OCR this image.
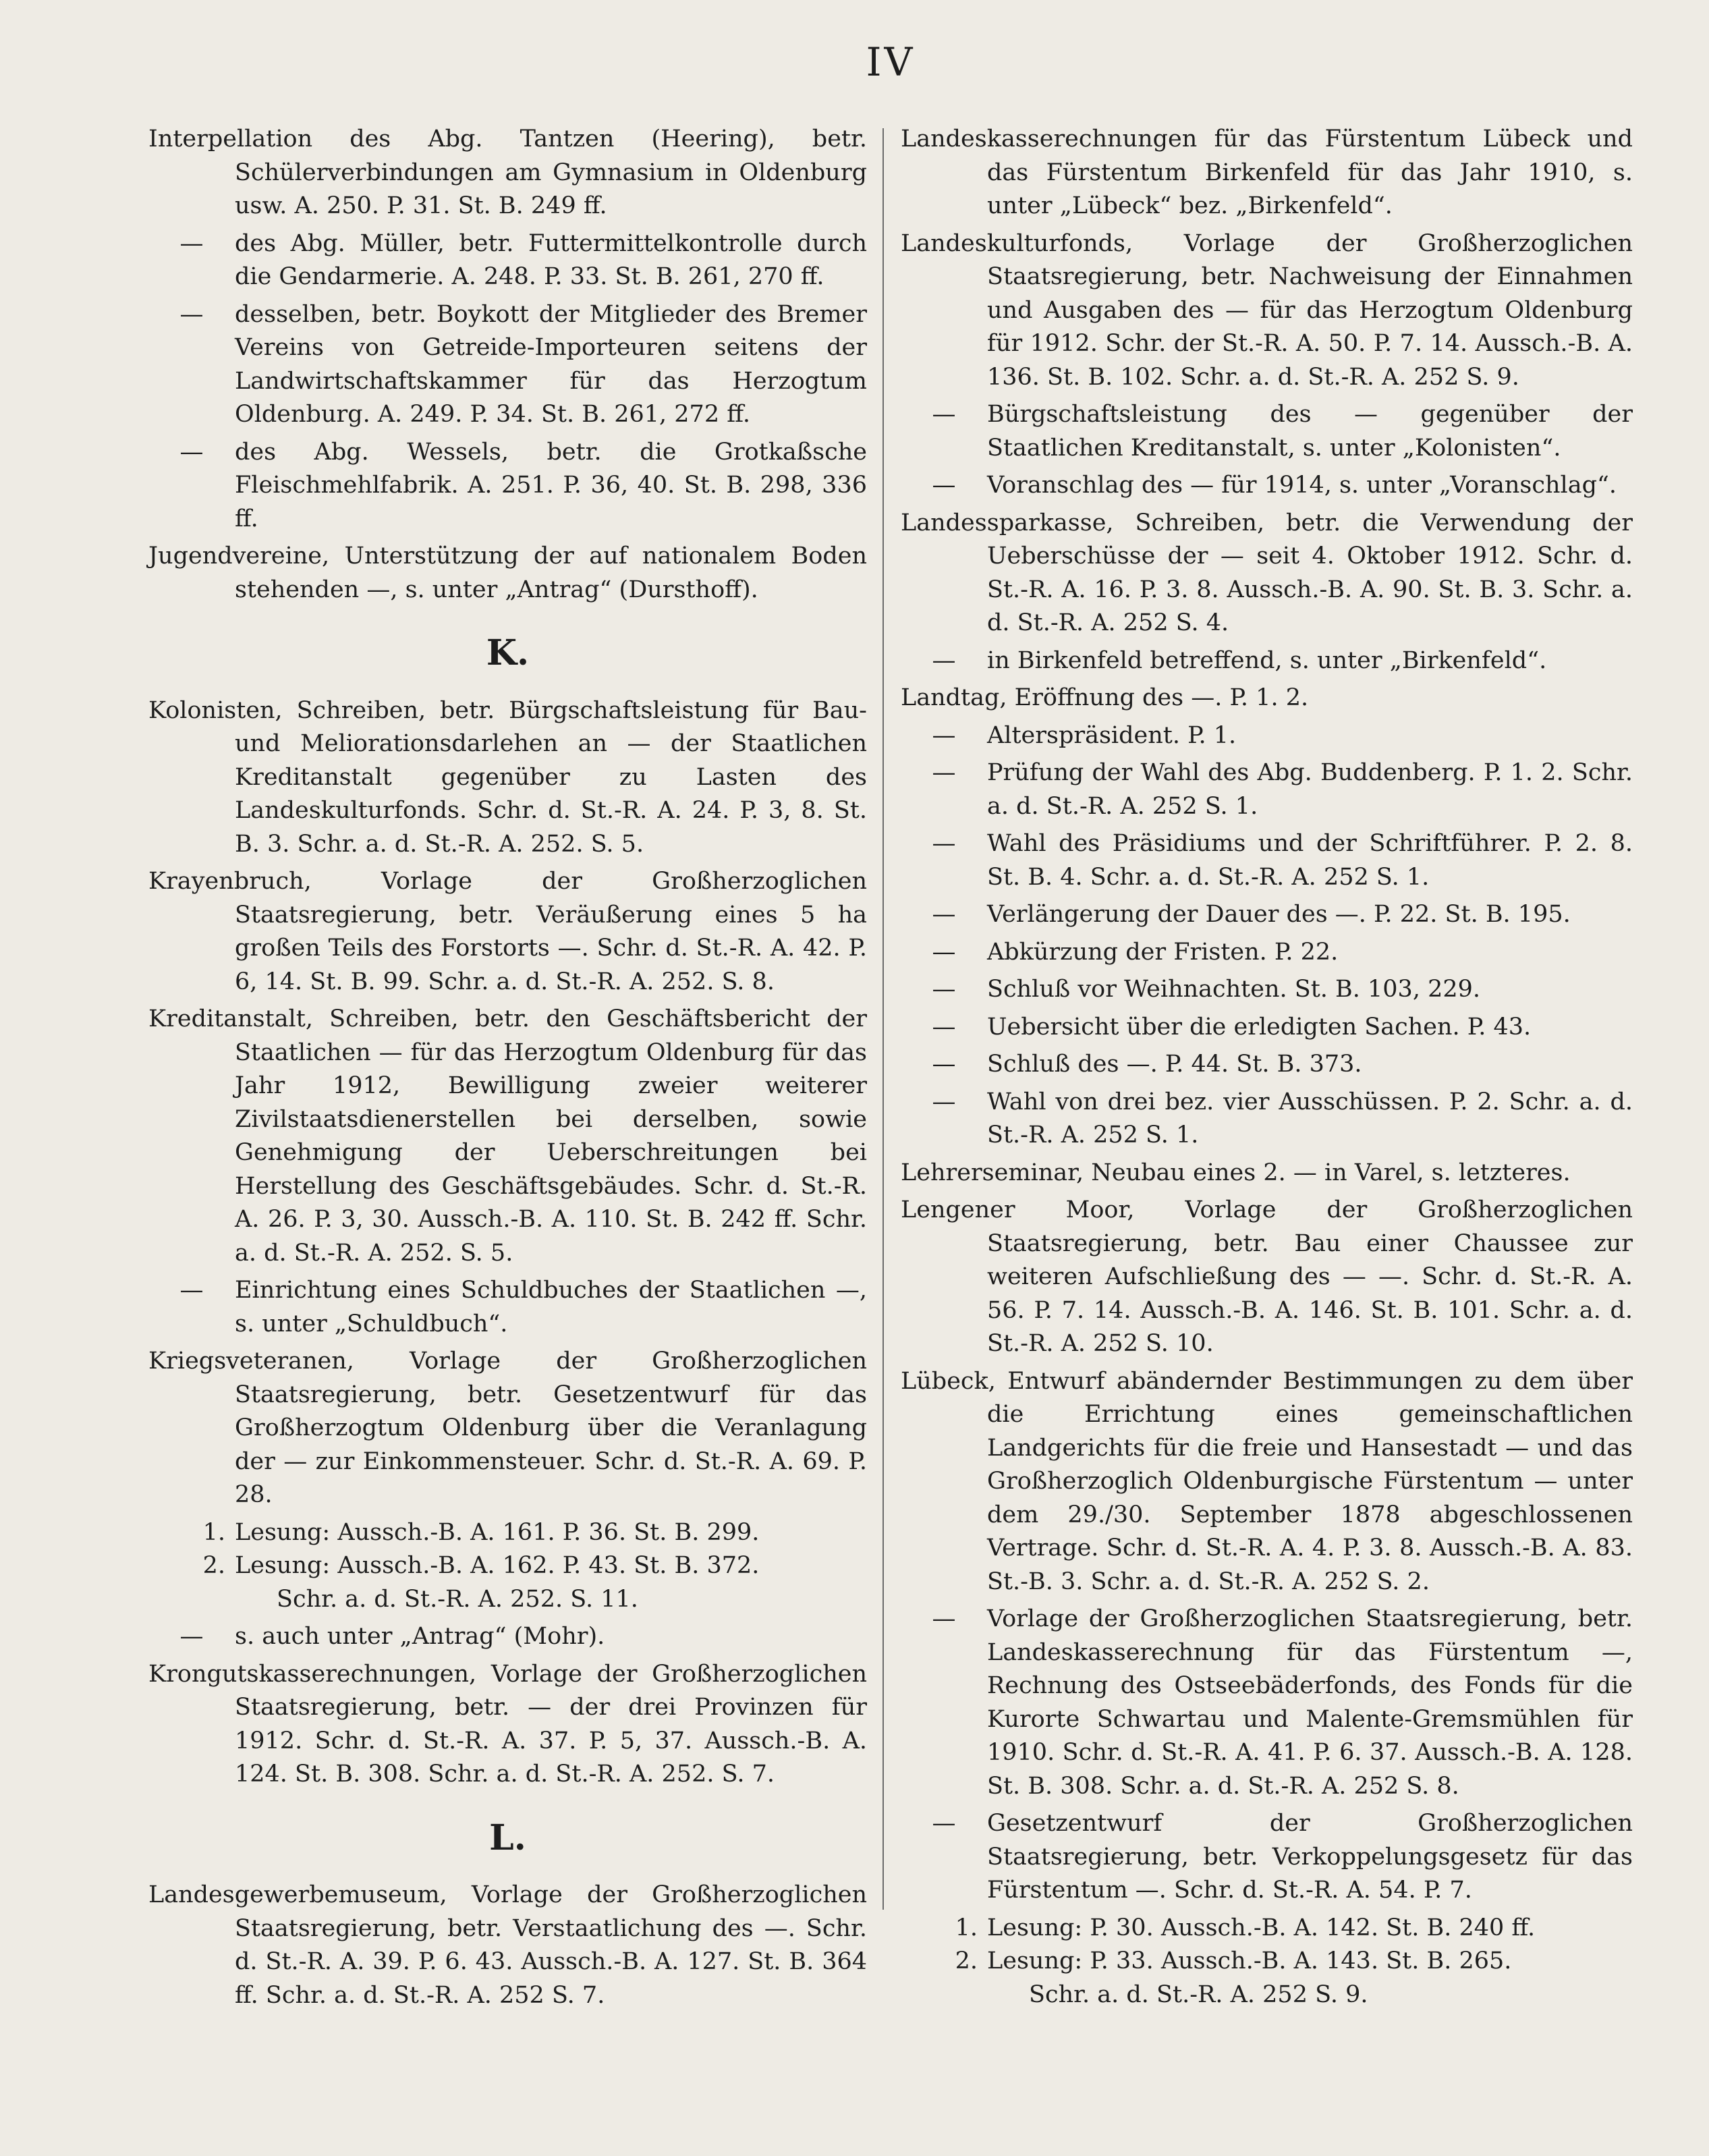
IV
Interpellation des Abg. Tantzen (Heering), betr. Schülerverbindungen am Gymnasium in Oldenburg usw. A. 250. P. 31. St. B. 249 ff.
—	des Abg. Müller, betr. Futtermittelkontrolle durch die Gendarmerie. A. 248. P. 33. St. B. 261, 270 ff.
—	desselben, betr. Boykott der Mitglieder des Bremer Vereins von Getreide-Importeuren seitens der Landwirtschaftskammer für das Herzogtum Oldenburg. A. 249. P. 34. St. B. 261, 272 ff.
—	des Abg. Wessels, betr. die Grotkaßsche Fleischmehlfabrik. A. 251. P. 36, 40. St. B. 298, 336 ff.
Jugendvereine, Unterstützung der auf nationalem Boden stehenden —, s. unter „Antrag“ (Dursthoff).
K.
Kolonisten, Schreiben, betr. Bürgschaftsleistung für Bau- und Meliorationsdarlehen an — der Staatlichen Kreditanstalt gegenüber zu Lasten des Landeskulturfonds. Schr. d. St.-R. A. 24. P. 3, 8. St. B. 3. Schr. a. d. St.-R. A. 252. S. 5.
Krayenbruch, Vorlage der Großherzoglichen Staatsregierung, betr. Veräußerung eines 5 ha großen Teils des Forstorts —. Schr. d. St.-R. A. 42. P. 6, 14. St. B. 99. Schr. a. d. St.-R. A. 252. S. 8.
Kreditanstalt, Schreiben, betr. den Geschäftsbericht der Staatlichen — für das Herzogtum Oldenburg für das Jahr 1912, Bewilligung zweier weiterer Zivilstaatsdienerstellen bei derselben, sowie Genehmigung der Ueberschreitungen bei Herstellung des Geschäftsgebäudes. Schr. d. St.-R. A. 26. P. 3, 30. Aussch.-B. A. 110. St. B. 242 ff. Schr. a. d. St.-R. A. 252. S. 5.
—	Einrichtung eines Schuldbuches der Staatlichen —, s. unter „Schuldbuch“.
Kriegsveteranen, Vorlage der Großherzoglichen Staatsregierung, betr. Gesetzentwurf für das Großherzogtum Oldenburg über die Veranlagung der — zur Einkommensteuer. Schr. d. St.-R. A. 69. P. 28.
1. Lesung: Aussch.-B. A. 161. P. 36. St. B. 299.
2. Lesung: Aussch.-B. A. 162. P. 43. St. B. 372.
Schr. a. d. St.-R. A. 252. S. 11.
—	s. auch unter „Antrag“ (Mohr).
Krongutskasserechnungen, Vorlage der Großherzoglichen Staatsregierung, betr. — der drei Provinzen für 1912. Schr. d. St.-R. A. 37. P. 5, 37. Aussch.-B. A. 124. St. B. 308. Schr. a. d. St.-R. A. 252. S. 7.
L.
Landesgewerbemuseum, Vorlage der Großherzoglichen Staatsregierung, betr. Verstaatlichung des —. Schr. d. St.-R. A. 39. P. 6. 43. Aussch.-B. A. 127. St. B. 364 ff. Schr. a. d. St.-R. A. 252 S. 7.
Landeskasserechnungen für das Fürstentum Lübeck und das Fürstentum Birkenfeld für das Jahr 1910, s. unter „Lübeck“ bez. „Birkenfeld“.
Landeskulturfonds, Vorlage der Großherzoglichen Staatsregierung, betr. Nachweisung der Einnahmen und Ausgaben des — für das Herzogtum Oldenburg für 1912. Schr. der St.-R. A. 50. P. 7. 14. Aussch.-B. A. 136. St. B. 102. Schr. a. d. St.-R. A. 252 S. 9.
—	Bürgschaftsleistung des — gegenüber der Staatlichen Kreditanstalt, s. unter „Kolonisten“.
—	Voranschlag des — für 1914, s. unter „Voranschlag“.
Landessparkasse, Schreiben, betr. die Verwendung der Ueberschüsse der — seit 4. Oktober 1912. Schr. d. St.-R. A. 16. P. 3. 8. Aussch.-B. A. 90. St. B. 3. Schr. a. d. St.-R. A. 252 S. 4.
—	in Birkenfeld betreffend, s. unter „Birkenfeld“.
Landtag, Eröffnung des —. P. 1. 2.
—	Alterspräsident. P. 1.
—	Prüfung der Wahl des Abg. Buddenberg. P. 1. 2. Schr. a. d. St.-R. A. 252 S. 1.
—	Wahl des Präsidiums und der Schriftführer. P. 2. 8. St. B. 4. Schr. a. d. St.-R. A. 252 S. 1.
—	Verlängerung der Dauer des —. P. 22. St. B. 195.
—	Abkürzung der Fristen. P. 22.
—	Schluß vor Weihnachten. St. B. 103, 229.
—	Uebersicht über die erledigten Sachen. P. 43.
—	Schluß des —. P. 44. St. B. 373.
—	Wahl von drei bez. vier Ausschüssen. P. 2. Schr. a. d. St.-R. A. 252 S. 1.
Lehrerseminar, Neubau eines 2. — in Varel, s. letzteres.
Lengener Moor, Vorlage der Großherzoglichen Staatsregierung, betr. Bau einer Chaussee zur weiteren Aufschließung des — —. Schr. d. St.-R. A. 56. P. 7. 14. Aussch.-B. A. 146. St. B. 101. Schr. a. d. St.-R. A. 252 S. 10.
Lübeck, Entwurf abändernder Bestimmungen zu dem über die Errichtung eines gemeinschaftlichen Landgerichts für die freie und Hansestadt — und das Großherzoglich Oldenburgische Fürstentum — unter dem 29./30. September 1878 abgeschlossenen Vertrage. Schr. d. St.-R. A. 4. P. 3. 8. Aussch.-B. A. 83. St.-B. 3. Schr. a. d. St.-R. A. 252 S. 2.
—	Vorlage der Großherzoglichen Staatsregierung, betr. Landeskasserechnung für das Fürstentum —, Rechnung des Ostseebäderfonds, des Fonds für die Kurorte Schwartau und Malente-Gremsmühlen für 1910. Schr. d. St.-R. A. 41. P. 6. 37. Aussch.-B. A. 128. St. B. 308. Schr. a. d. St.-R. A. 252 S. 8.
—	Gesetzentwurf der Großherzoglichen Staatsregierung, betr. Verkoppelungsgesetz für das Fürstentum —. Schr. d. St.-R. A. 54. P. 7.
1. Lesung: P. 30. Aussch.-B. A. 142. St. B. 240 ff.
2. Lesung: P. 33. Aussch.-B. A. 143. St. B. 265.
Schr. a. d. St.-R. A. 252 S. 9.
